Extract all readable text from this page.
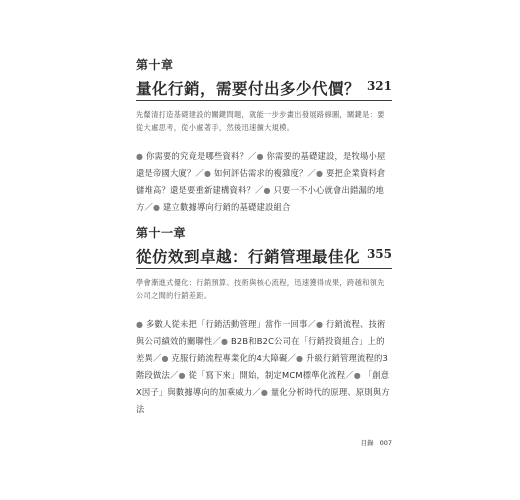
第十章
量化行銷，需要付出多少代價？ 321
先釐清打造基礎建設的關鍵問題，就能一步步畫出發展路線圖，關鍵是：要從大處思考，從小處著手，然後迅速擴大規模。
● 你需要的究竟是哪些資料？／● 你需要的基礎建設，是牧場小屋還是帝國大廈？／● 如何評估需求的複雜度？／● 要把企業資料倉儲堆高？還是要重新建構資料？／● 只要一不小心就會出錯漏的地方／● 建立數據導向行銷的基礎建設組合
第十一章
從仿效到卓越：行銷管理最佳化 355
學會漸進式優化：行銷預算、技術與核心流程，迅速獲得成果，跨越和領先公司之間的行銷差距。
● 多數人從未把「行銷活動管理」當作一回事／● 行銷流程、技術與公司績效的關聯性／● B2B和B2C公司在「行銷投資組合」上的差異／● 克服行銷流程專業化的4大障礙／● 升級行銷管理流程的3階段做法／● 從「寫下來」開始，制定MCM標準化流程／● 「創意X因子」與數據導向的加乘威力／● 量化分析時代的原理、原則與方法
目錄 007
